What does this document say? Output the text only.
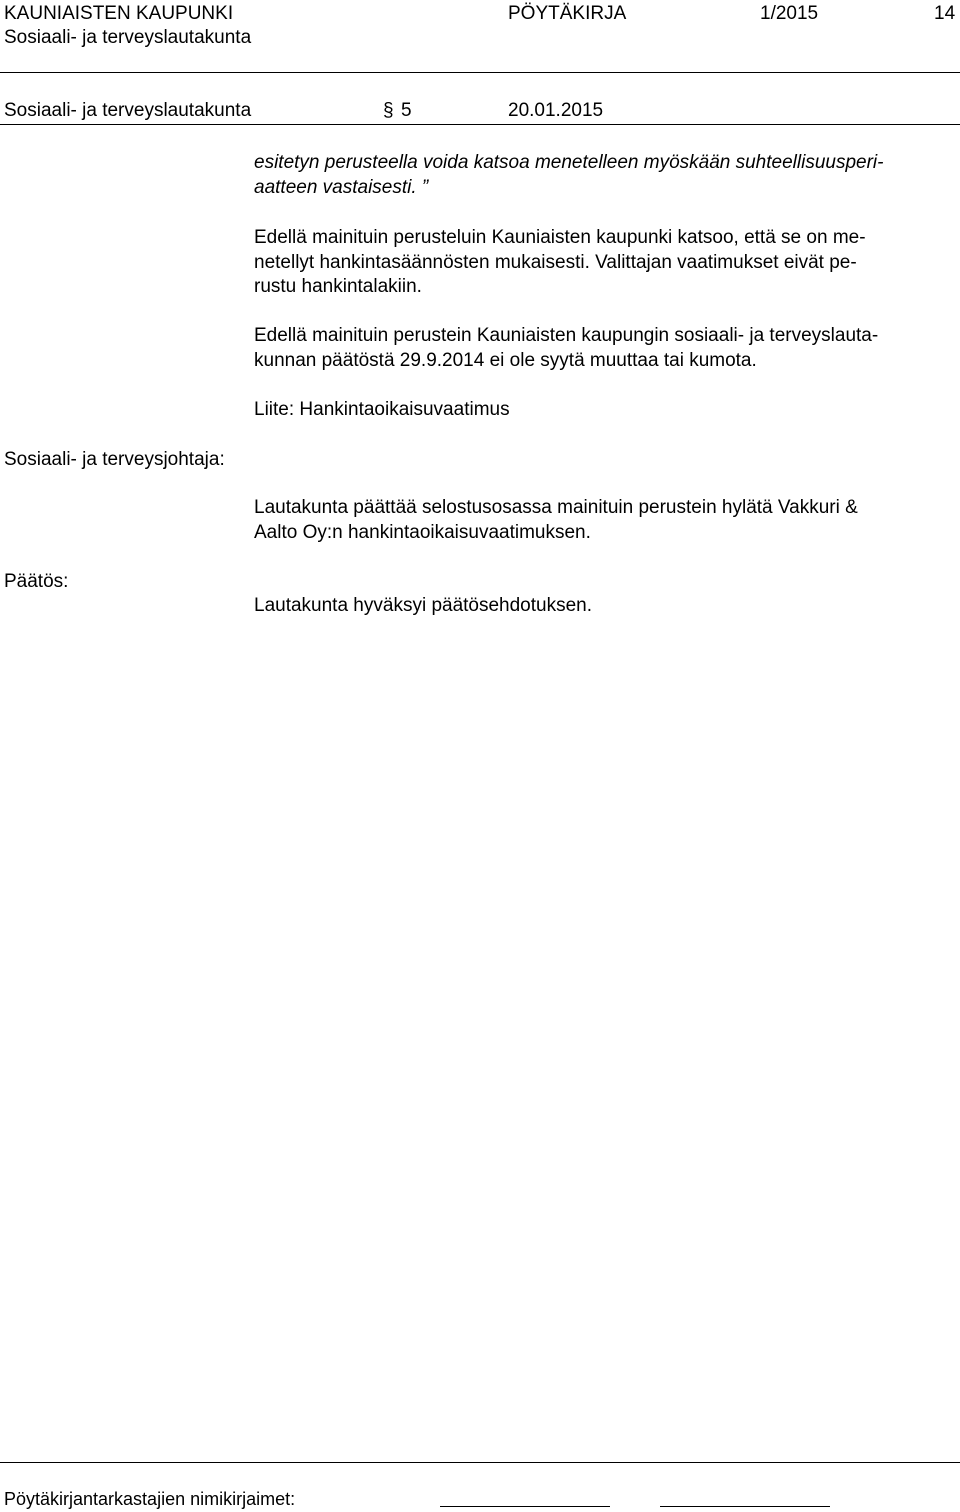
KAUNIAISTEN KAUPUNKI	PÖYTÄKIRJA	1/2015	14
Sosiaali- ja terveyslautakunta
Sosiaali- ja terveyslautakunta	§ 5	20.01.2015
esitetyn perusteella voida katsoa menetelleen myöskään suhteellisuusperi-
aatteen vastaisesti. ”
Edellä mainituin perusteluin Kauniaisten kaupunki katsoo, että se on me-
netellyt hankintasäännösten mukaisesti. Valittajan vaatimukset eivät pe-
rustu hankintalakiin.
Edellä mainituin perustein Kauniaisten kaupungin sosiaali- ja terveyslauta-
kunnan päätöstä 29.9.2014 ei ole syytä muuttaa tai kumota.
Liite: Hankintaoikaisuvaatimus
Sosiaali- ja terveysjohtaja:
Lautakunta päättää selostusosassa mainituin perustein hylätä Vakkuri &
Aalto Oy:n hankintaoikaisuvaatimuksen.
Päätös:
Lautakunta hyväksyi päätösehdotuksen.
Pöytäkirjantarkastajien nimikirjaimet:
